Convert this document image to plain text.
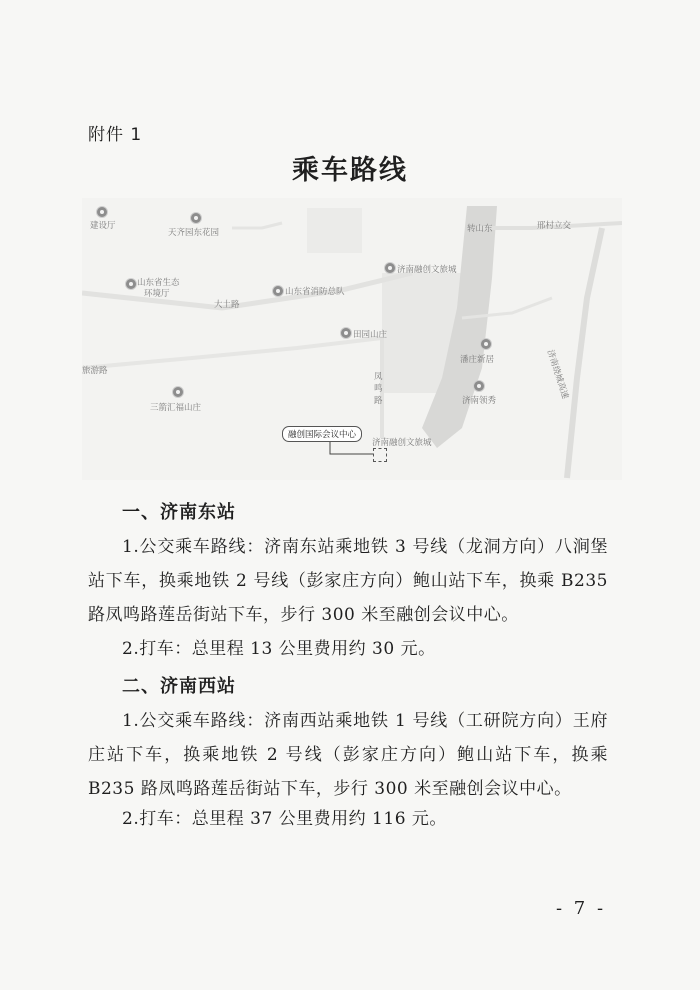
附件 1
乘车路线
建设厅
天齐园东花园
山东省生态
环境厅	山东省消防总队
济南融创文旅城
田园山庄
潘庄新居
凤
鸣
路	济南领秀
三箭汇福山庄
济南融创文旅城
邢村立交
济南绕城高速
大土路
旅游路
转山东
融创国际会议中心
一、济南东站

1.公交乘车路线：济南东站乘地铁 3 号线（龙洞方向）八涧堡站下车，换乘地铁 2 号线（彭家庄方向）鲍山站下车，换乘 B235 路凤鸣路莲岳街站下车，步行 300 米至融创会议中心。

2.打车：总里程 13 公里费用约 30 元。

二、济南西站

1.公交乘车路线：济南西站乘地铁 1 号线（工研院方向）王府庄站下车，换乘地铁 2 号线（彭家庄方向）鲍山站下车，换乘 B235 路凤鸣路莲岳街站下车，步行 300 米至融创会议中心。

2.打车：总里程 37 公里费用约 116 元。

- 7 -
